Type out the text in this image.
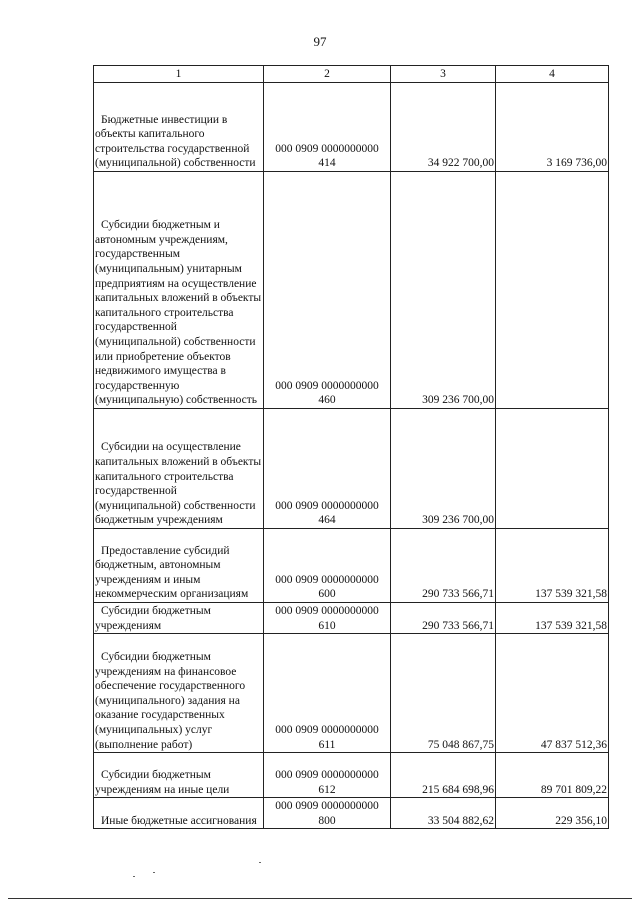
97
1	2	3	4

Бюджетные инвестиции в объекты капитального строительства государственной (муниципальной) собственности	000 0909 0000000000
414	34 922 700,00	3 169 736,00

Субсидии бюджетным и автономным учреждениям, государственным (муниципальным) унитарным предприятиям на осуществление капитальных вложений в объекты капитального строительства государственной (муниципальной) собственности или приобретение объектов недвижимого имущества в государственную (муниципальную) собственность	000 0909 0000000000
460	309 236 700,00	

Субсидии на осуществление капитальных вложений в объекты капитального строительства государственной (муниципальной) собственности бюджетным учреждениям	000 0909 0000000000
464	309 236 700,00	

Предоставление субсидий бюджетным, автономным учреждениям и иным некоммерческим организациям	000 0909 0000000000
600	290 733 566,71	137 539 321,58

Субсидии бюджетным учреждениям	000 0909 0000000000
610	290 733 566,71	137 539 321,58

Субсидии бюджетным учреждениям на финансовое обеспечение государственного (муниципального) задания на оказание государственных (муниципальных) услуг (выполнение работ)	000 0909 0000000000
611	75 048 867,75	47 837 512,36

Субсидии бюджетным учреждениям на иные цели	000 0909 0000000000
612	215 684 698,96	89 701 809,22

Иные бюджетные ассигнования	000 0909 0000000000
800	33 504 882,62	229 356,10
